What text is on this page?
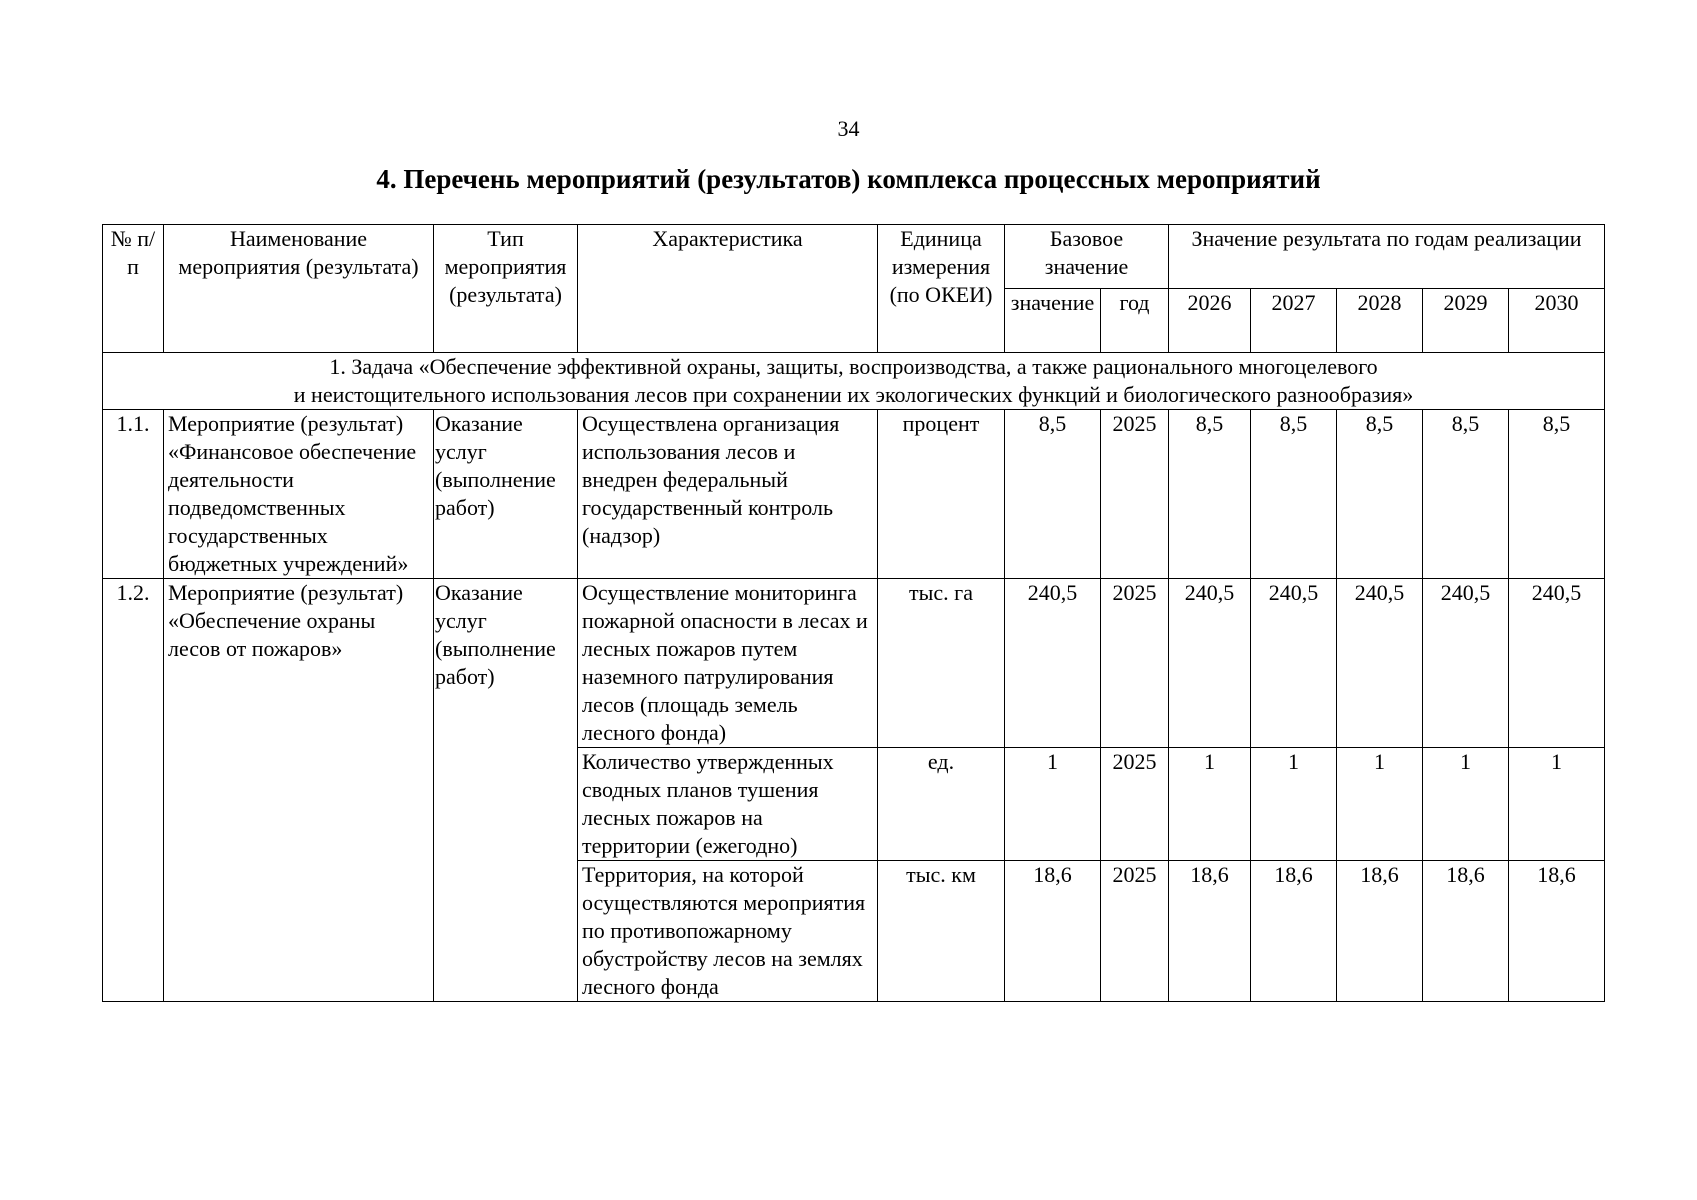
34
4. Перечень мероприятий (результатов) комплекса процессных мероприятий
№ п/п	Наименование мероприятия (результата)	Тип мероприятия (результата)	Характеристика	Единица измерения (по ОКЕИ)	Базовое значение		Значение результата по годам реализации				
					значение	год	2026	2027	2028	2029	2030

1. Задача «Обеспечение эффективной охраны, защиты, воспроизводства, а также рационального многоцелевого
и неистощительного использования лесов при сохранении их экологических функций и биологического разнообразия»											

1.1.	Мероприятие (результат) «Финансовое обеспечение деятельности подведомственных государственных бюджетных учреждений»	Оказание услуг (выполнение работ)	Осуществлена организация использования лесов и внедрен федеральный государственный контроль (надзор)	процент	8,5	2025	8,5	8,5	8,5	8,5	8,5
1.2.	Мероприятие (результат) «Обеспечение охраны лесов от пожаров»	Оказание услуг (выполнение работ)	Осуществление мониторинга пожарной опасности в лесах и лесных пожаров путем наземного патрулирования лесов (площадь земель лесного фонда)	тыс. га	240,5	2025	240,5	240,5	240,5	240,5	240,5
			Количество утвержденных сводных планов тушения лесных пожаров на территории (ежегодно)	ед.	1	2025	1	1	1	1	1
			Территория, на которой осуществляются мероприятия по противопожарному обустройству лесов на землях лесного фонда	тыс. км	18,6	2025	18,6	18,6	18,6	18,6	18,6
